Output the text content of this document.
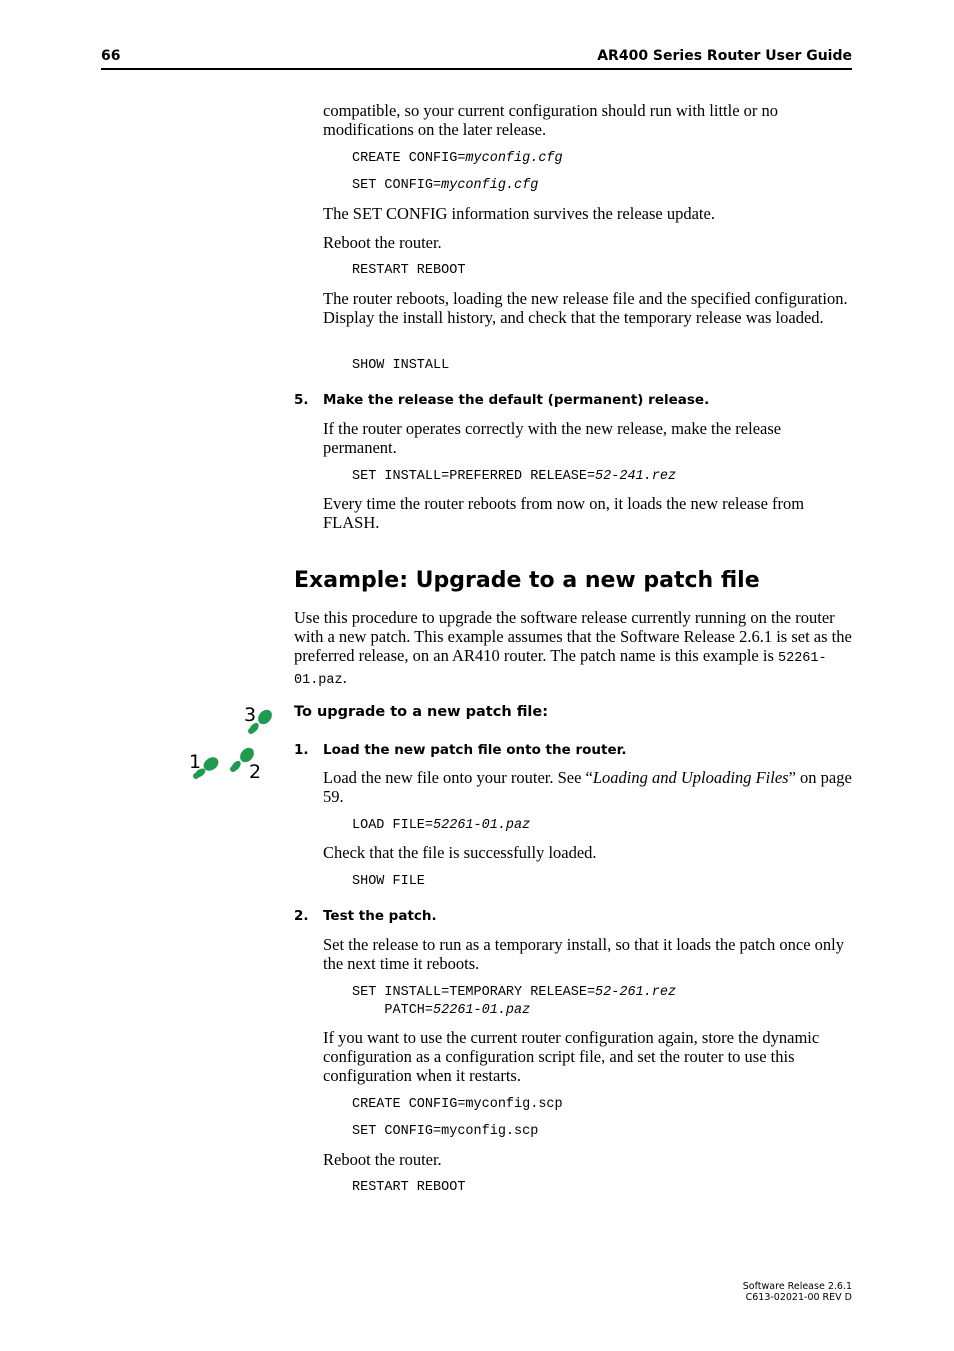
66	AR400 Series Router User Guide
compatible, so your current configuration should run with little or no modifications on the later release.
CREATE CONFIG=myconfig.cfg
SET CONFIG=myconfig.cfg
The SET CONFIG information survives the release update.
Reboot the router.
RESTART REBOOT
The router reboots, loading the new release file and the specified configuration. Display the install history, and check that the temporary release was loaded.
SHOW INSTALL
5. Make the release the default (permanent) release.
If the router operates correctly with the new release, make the release permanent.
SET INSTALL=PREFERRED RELEASE=52-241.rez
Every time the router reboots from now on, it loads the new release from FLASH.
Example: Upgrade to a new patch file
Use this procedure to upgrade the software release currently running on the router with a new patch. This example assumes that the Software Release 2.6.1 is set as the preferred release, on an AR410 router. The patch name is this example is 52261-01.paz.
3
1	2
To upgrade to a new patch file:
1. Load the new patch file onto the router.
Load the new file onto your router. See “Loading and Uploading Files” on page 59.
LOAD FILE=52261-01.paz
Check that the file is successfully loaded.
SHOW FILE
2. Test the patch.
Set the release to run as a temporary install, so that it loads the patch once only the next time it reboots.
SET INSTALL=TEMPORARY RELEASE=52-261.rez
PATCH=52261-01.paz
If you want to use the current router configuration again, store the dynamic configuration as a configuration script file, and set the router to use this configuration when it restarts.
CREATE CONFIG=myconfig.scp
SET CONFIG=myconfig.scp
Reboot the router.
RESTART REBOOT
Software Release 2.6.1
C613-02021-00 REV D
